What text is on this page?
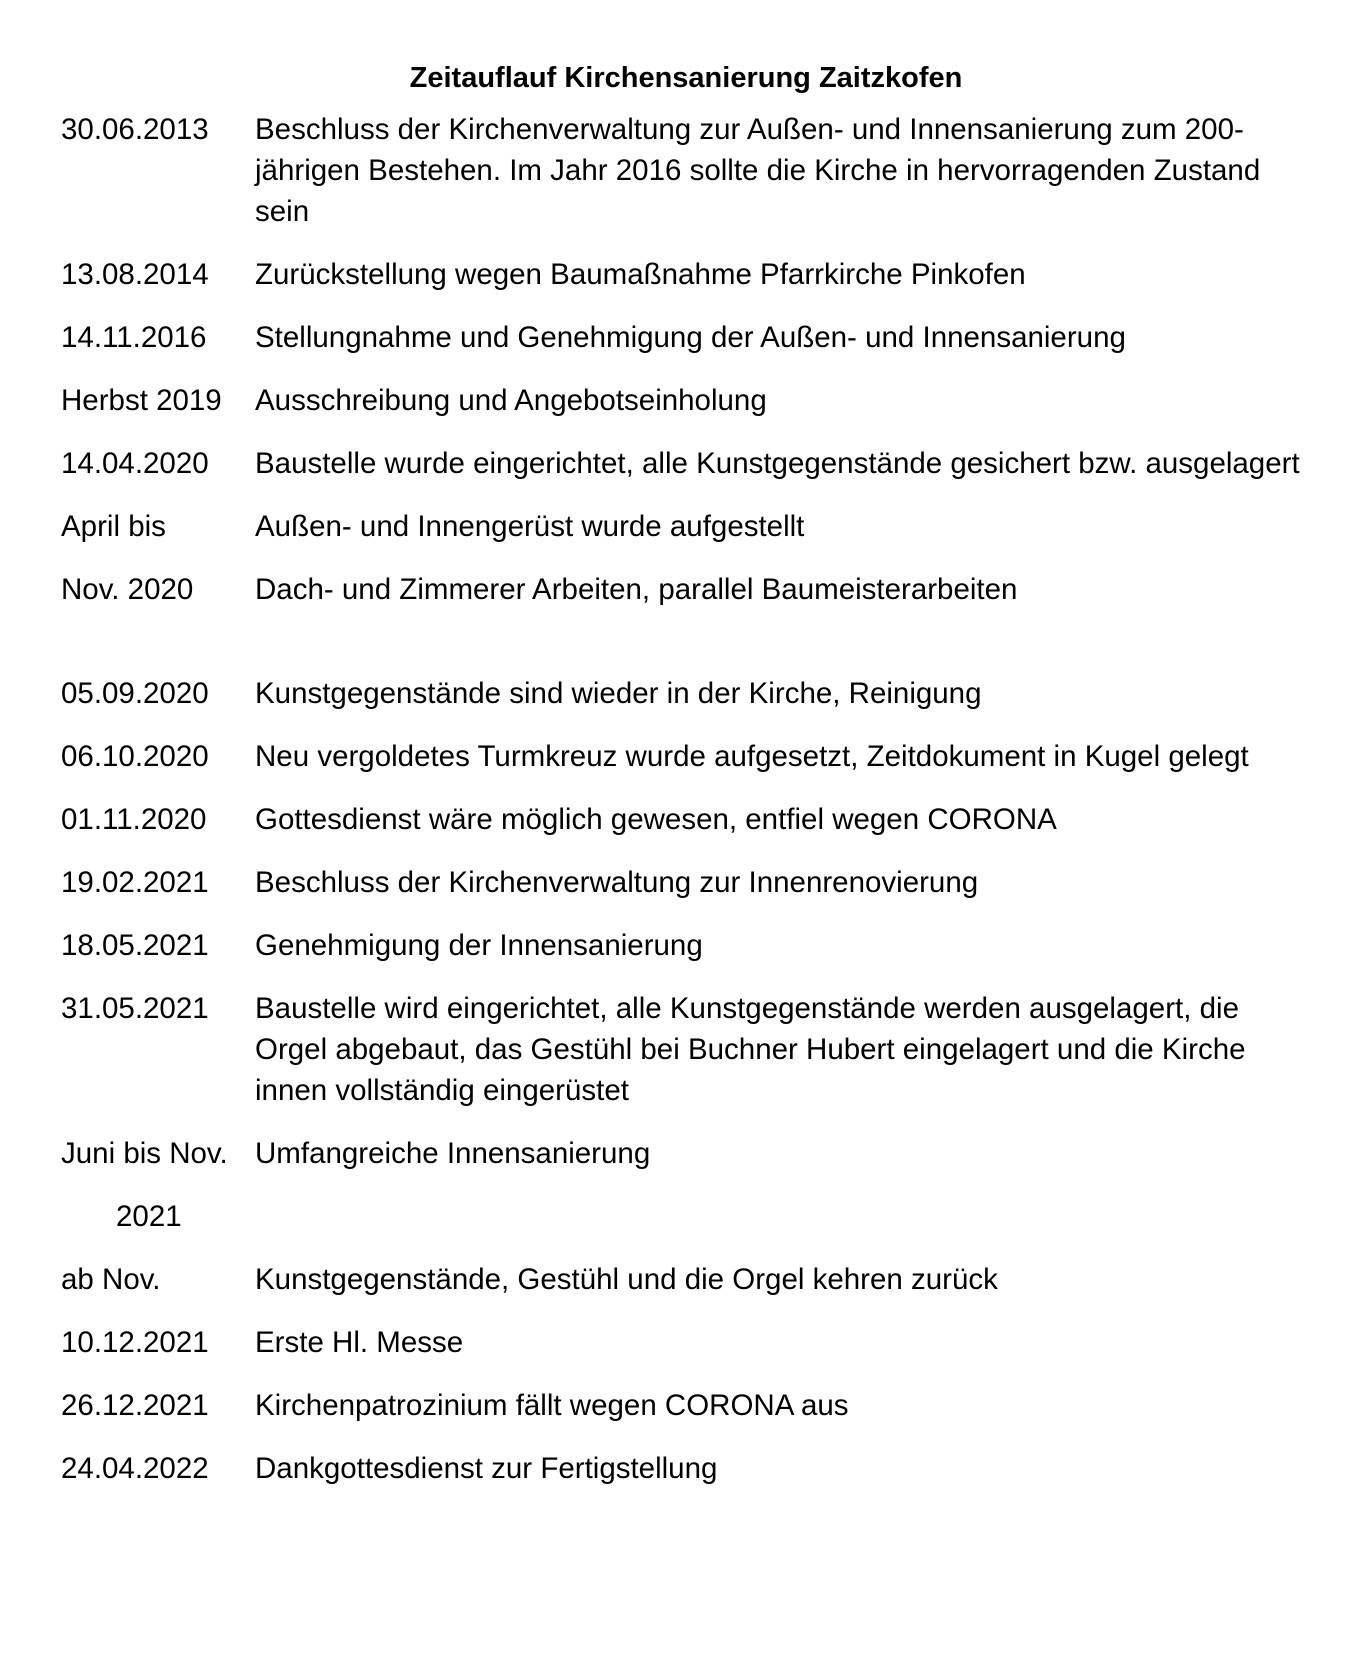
Zeitauflauf Kirchensanierung Zaitzkofen
30.06.2013	Beschluss der Kirchenverwaltung zur Außen- und Innensanierung zum 200-jährigen Bestehen. Im Jahr 2016 sollte die Kirche in hervorragenden Zustand sein
13.08.2014	Zurückstellung wegen Baumaßnahme Pfarrkirche Pinkofen
14.11.2016	Stellungnahme und Genehmigung der Außen- und Innensanierung
Herbst 2019	Ausschreibung und Angebotseinholung
14.04.2020	Baustelle wurde eingerichtet, alle Kunstgegenstände gesichert bzw. ausgelagert
April bis	Außen- und Innengerüst wurde aufgestellt
Nov. 2020	Dach- und Zimmerer Arbeiten, parallel Baumeisterarbeiten
05.09.2020	Kunstgegenstände sind wieder in der Kirche, Reinigung
06.10.2020	Neu vergoldetes Turmkreuz wurde aufgesetzt, Zeitdokument in Kugel gelegt
01.11.2020	Gottesdienst wäre möglich gewesen, entfiel wegen CORONA
19.02.2021	Beschluss der Kirchenverwaltung zur Innenrenovierung
18.05.2021	Genehmigung der Innensanierung
31.05.2021	Baustelle wird eingerichtet, alle Kunstgegenstände werden ausgelagert, die Orgel abgebaut, das Gestühl bei Buchner Hubert eingelagert und die Kirche innen vollständig eingerüstet
Juni bis Nov. Umfangreiche Innensanierung
2021
ab Nov.	Kunstgegenstände, Gestühl und die Orgel kehren zurück
10.12.2021	Erste Hl. Messe
26.12.2021	Kirchenpatrozinium fällt wegen CORONA aus
24.04.2022	Dankgottesdienst zur Fertigstellung
